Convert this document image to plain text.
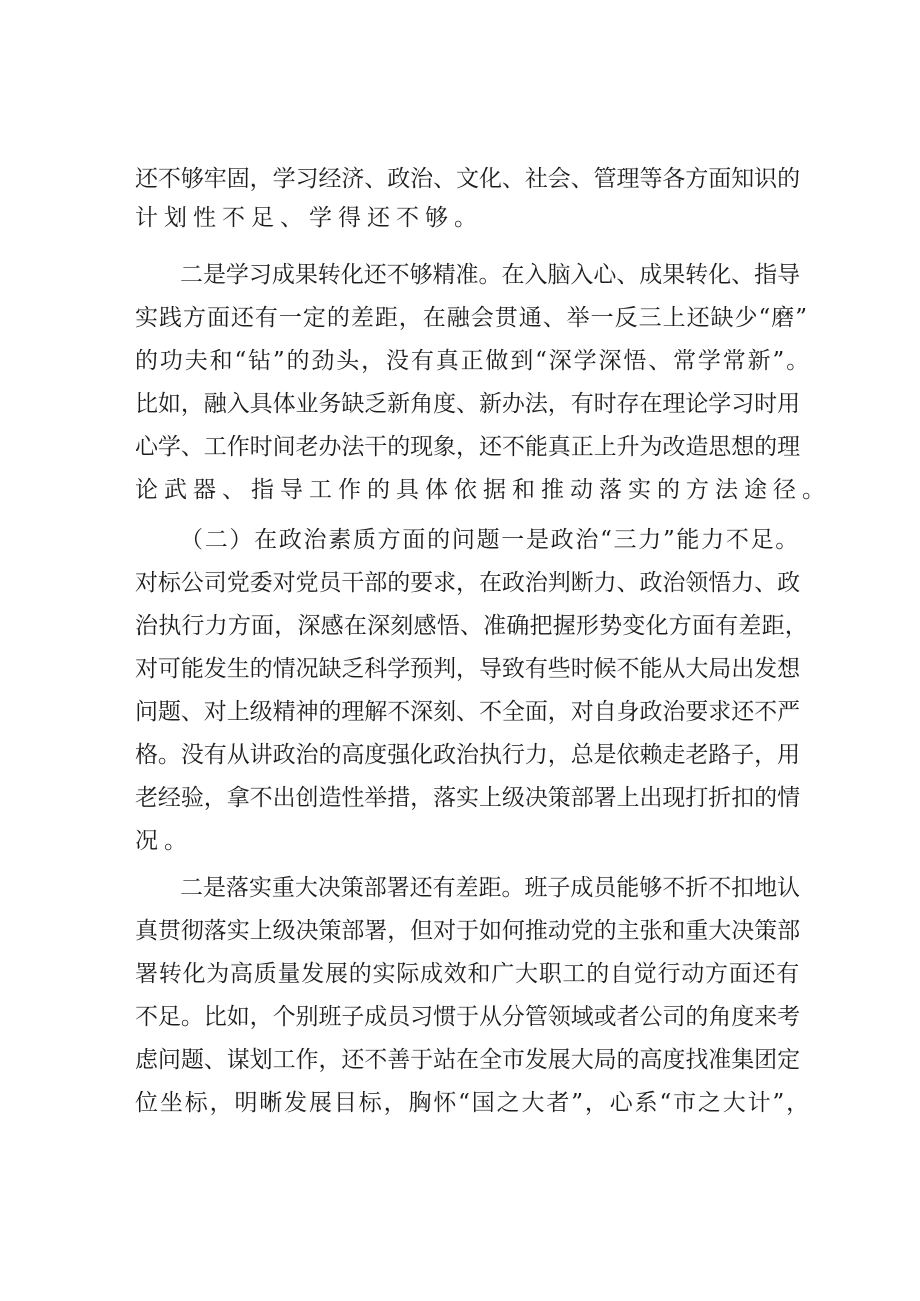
还不够牢固，学习经济、政治、文化、社会、管理等各方面知识的
计划性不足、学得还不够。
二是学习成果转化还不够精准。在入脑入心、成果转化、指导
实践方面还有一定的差距，在融会贯通、举一反三上还缺少“磨”
的功夫和“钻”的劲头，没有真正做到“深学深悟、常学常新”。
比如，融入具体业务缺乏新角度、新办法，有时存在理论学习时用
心学、工作时间老办法干的现象，还不能真正上升为改造思想的理
论武器、指导工作的具体依据和推动落实的方法途径。
（二）在政治素质方面的问题一是政治“三力”能力不足。
对标公司党委对党员干部的要求，在政治判断力、政治领悟力、政
治执行力方面，深感在深刻感悟、准确把握形势变化方面有差距，
对可能发生的情况缺乏科学预判，导致有些时候不能从大局出发想
问题、对上级精神的理解不深刻、不全面，对自身政治要求还不严
格。没有从讲政治的高度强化政治执行力，总是依赖走老路子，用
老经验，拿不出创造性举措，落实上级决策部署上出现打折扣的情
况。
二是落实重大决策部署还有差距。班子成员能够不折不扣地认
真贯彻落实上级决策部署，但对于如何推动党的主张和重大决策部
署转化为高质量发展的实际成效和广大职工的自觉行动方面还有
不足。比如，个别班子成员习惯于从分管领域或者公司的角度来考
虑问题、谋划工作，还不善于站在全市发展大局的高度找准集团定
位坐标，明晰发展目标，胸怀“国之大者”，心系“市之大计”，
